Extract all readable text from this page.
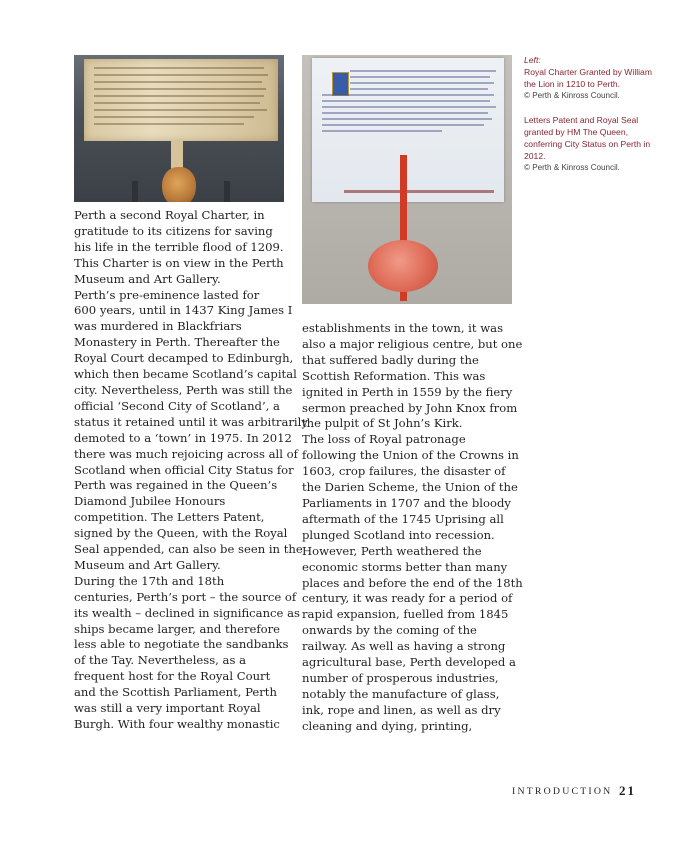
Left:
Royal Charter Granted by William the Lion in 1210 to Perth.
© Perth & Kinross Council.
Letters Patent and Royal Seal granted by HM The Queen, conferring City Status on Perth in 2012.
© Perth & Kinross Council.
Perth a second Royal Charter, in
gratitude to its citizens for saving
his life in the terrible flood of 1209.
This Charter is on view in the Perth
Museum and Art Gallery.
Perth’s pre-eminence lasted for
600 years, until in 1437 King James I
was murdered in Blackfriars
Monastery in Perth. Thereafter the
Royal Court decamped to Edinburgh,
which then became Scotland’s capital
city. Nevertheless, Perth was still the
official ‘Second City of Scotland’, a
status it retained until it was arbitrarily
demoted to a ‘town’ in 1975. In 2012
there was much rejoicing across all of
Scotland when official City Status for
Perth was regained in the Queen’s
Diamond Jubilee Honours
competition. The Letters Patent,
signed by the Queen, with the Royal
Seal appended, can also be seen in the
Museum and Art Gallery.
During the 17th and 18th
centuries, Perth’s port – the source of
its wealth – declined in significance as
ships became larger, and therefore
less able to negotiate the sandbanks
of the Tay. Nevertheless, as a
frequent host for the Royal Court
and the Scottish Parliament, Perth
was still a very important Royal
Burgh. With four wealthy monastic
establishments in the town, it was
also a major religious centre, but one
that suffered badly during the
Scottish Reformation. This was
ignited in Perth in 1559 by the fiery
sermon preached by John Knox from
the pulpit of St John’s Kirk.
The loss of Royal patronage
following the Union of the Crowns in
1603, crop failures, the disaster of
the Darien Scheme, the Union of the
Parliaments in 1707 and the bloody
aftermath of the 1745 Uprising all
plunged Scotland into recession.
However, Perth weathered the
economic storms better than many
places and before the end of the 18th
century, it was ready for a period of
rapid expansion, fuelled from 1845
onwards by the coming of the
railway. As well as having a strong
agricultural base, Perth developed a
number of prosperous industries,
notably the manufacture of glass,
ink, rope and linen, as well as dry
cleaning and dying, printing,
INTRODUCTION 21
